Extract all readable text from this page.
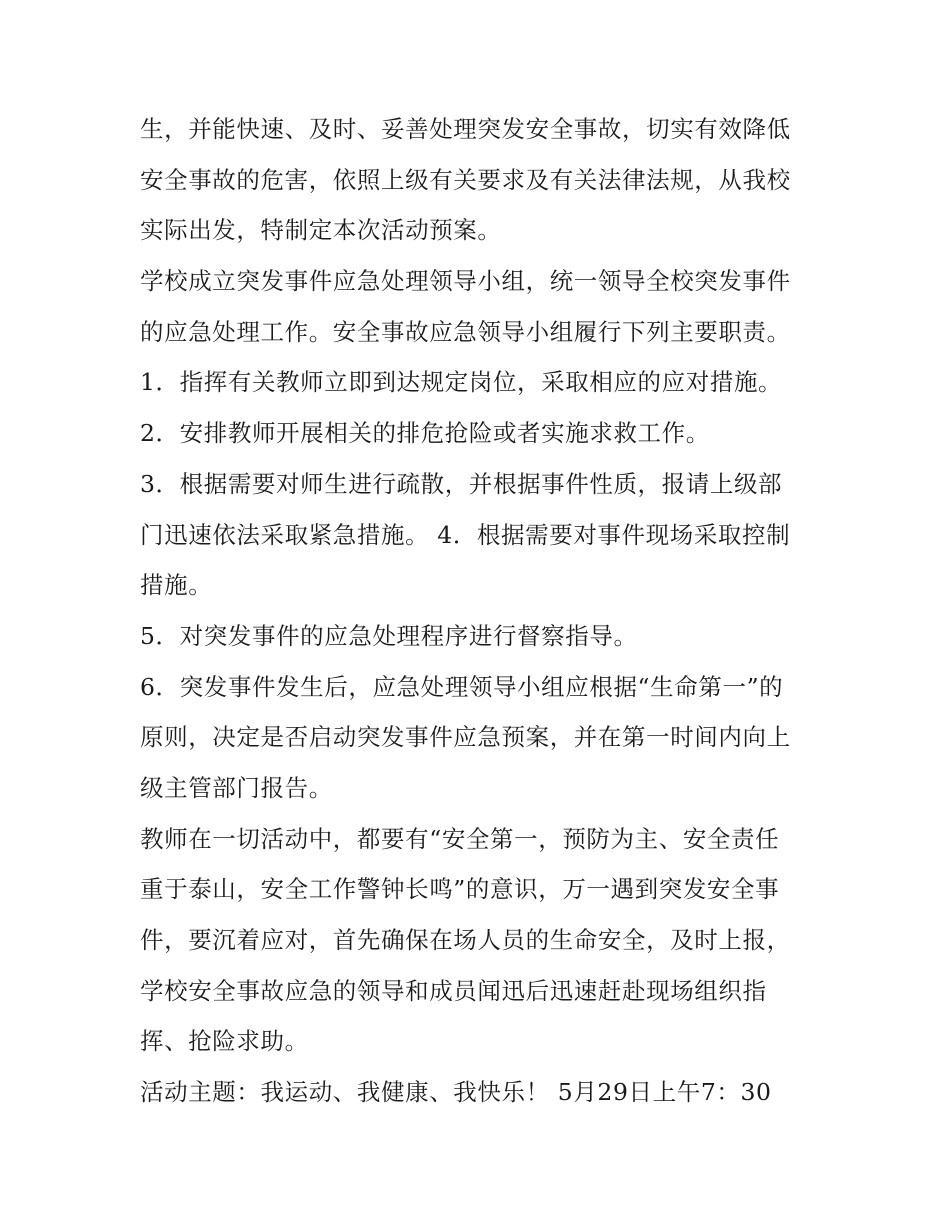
生，并能快速、及时、妥善处理突发安全事故，切实有效降低
安全事故的危害，依照上级有关要求及有关法律法规，从我校
实际出发，特制定本次活动预案。
学校成立突发事件应急处理领导小组，统一领导全校突发事件
的应急处理工作。安全事故应急领导小组履行下列主要职责。
1．指挥有关教师立即到达规定岗位，采取相应的应对措施。
2．安排教师开展相关的排危抢险或者实施求救工作。
3．根据需要对师生进行疏散，并根据事件性质，报请上级部
门迅速依法采取紧急措施。 4．根据需要对事件现场采取控制
措施。
5．对突发事件的应急处理程序进行督察指导。
6．突发事件发生后，应急处理领导小组应根据“生命第一”的
原则，决定是否启动突发事件应急预案，并在第一时间内向上
级主管部门报告。
教师在一切活动中，都要有“安全第一，预防为主、安全责任
重于泰山，安全工作警钟长鸣”的意识，万一遇到突发安全事
件，要沉着应对，首先确保在场人员的生命安全，及时上报，
学校安全事故应急的领导和成员闻迅后迅速赶赴现场组织指
挥、抢险求助。
活动主题：我运动、我健康、我快乐！ 5月29日上午7：30
